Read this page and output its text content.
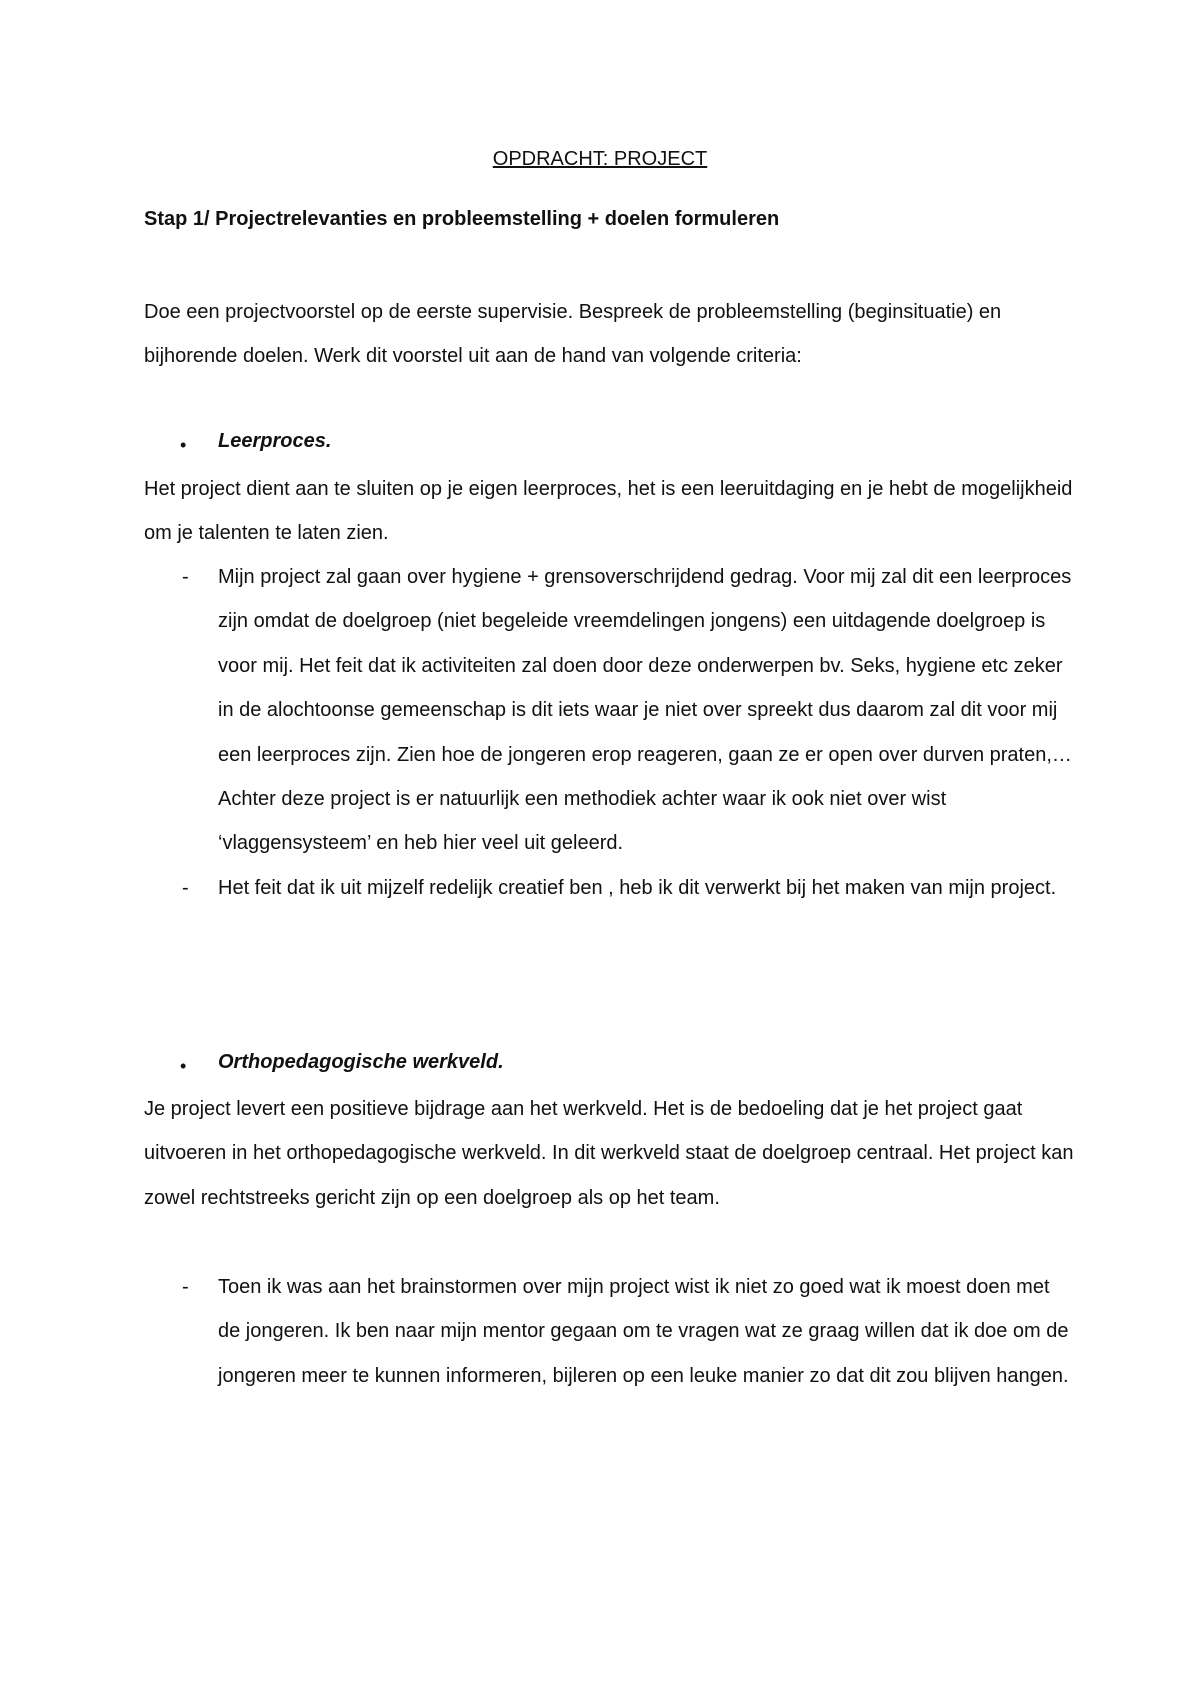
OPDRACHT: PROJECT
Stap 1/ Projectrelevanties en probleemstelling + doelen formuleren

Doe een projectvoorstel op de eerste supervisie. Bespreek de probleemstelling (beginsituatie) en bijhorende doelen. Werk dit voorstel uit aan de hand van volgende criteria:

• Leerproces.

Het project dient aan te sluiten op je eigen leerproces, het is een leeruitdaging en je hebt de mogelijkheid om je talenten te laten zien.

- Mijn project zal gaan over hygiene + grensoverschrijdend gedrag. Voor mij zal dit een leerproces zijn omdat de doelgroep (niet begeleide vreemdelingen jongens) een uitdagende doelgroep is voor mij. Het feit dat ik activiteiten zal doen door deze onderwerpen bv. Seks, hygiene etc zeker in de alochtoonse gemeenschap is dit iets waar je niet over spreekt dus daarom zal dit voor mij een leerproces zijn. Zien hoe de jongeren erop reageren, gaan ze er open over durven praten,… Achter deze project is er natuurlijk een methodiek achter waar ik ook niet over wist ‘vlaggensysteem’ en heb hier veel uit geleerd.
- Het feit dat ik uit mijzelf redelijk creatief ben , heb ik dit verwerkt bij het maken van mijn project.
• Orthopedagogische werkveld.

Je project levert een positieve bijdrage aan het werkveld. Het is de bedoeling dat je het project gaat uitvoeren in het orthopedagogische werkveld. In dit werkveld staat de doelgroep centraal. Het project kan zowel rechtstreeks gericht zijn op een doelgroep als op het team.

- Toen ik was aan het brainstormen over mijn project wist ik niet zo goed wat ik moest doen met de jongeren. Ik ben naar mijn mentor gegaan om te vragen wat ze graag willen dat ik doe om de jongeren meer te kunnen informeren, bijleren op een leuke manier zo dat dit zou blijven hangen.
